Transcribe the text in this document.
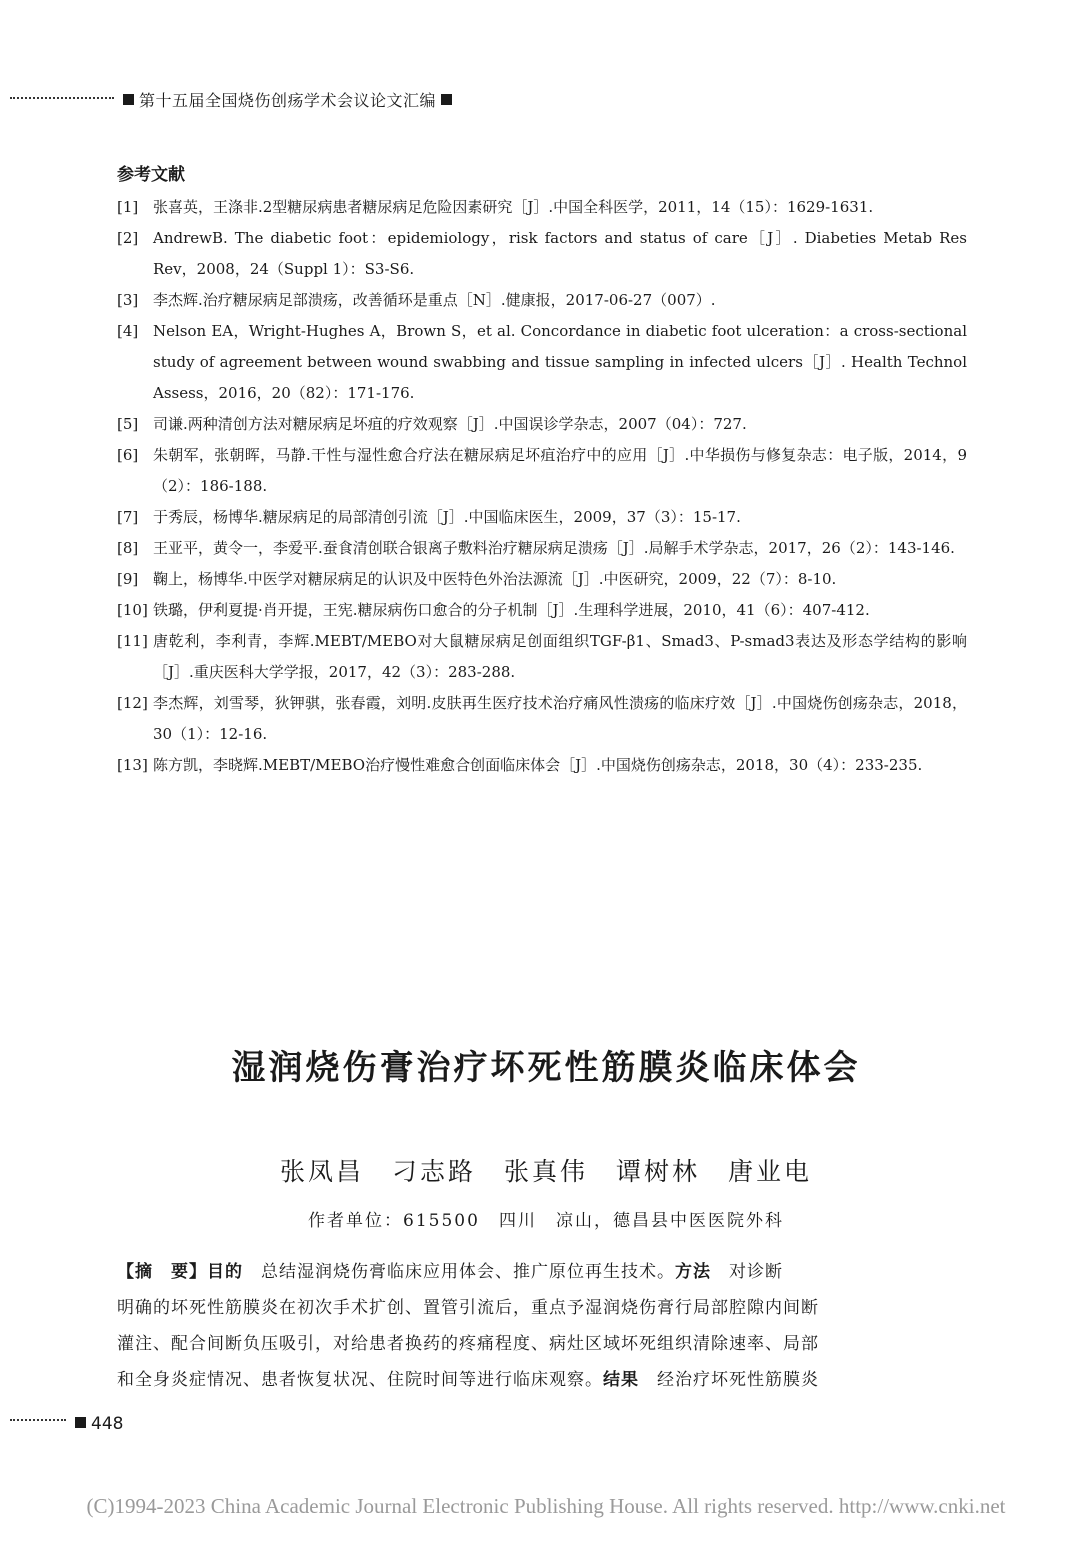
第十五届全国烧伤创疡学术会议论文汇编
参考文献
[1] 张喜英，王涤非.2型糖尿病患者糖尿病足危险因素研究［J］.中国全科医学，2011，14（15）：1629-1631.
[2] AndrewB. The diabetic foot：epidemiology，risk factors and status of care［J］. Diabeties Metab Res Rev，2008，24（Suppl 1）：S3-S6.
[3] 李杰辉.治疗糖尿病足部溃疡，改善循环是重点［N］.健康报，2017-06-27（007）.
[4] Nelson EA，Wright-Hughes A，Brown S，et al. Concordance in diabetic foot ulceration：a cross-sectional study of agreement between wound swabbing and tissue sampling in infected ulcers［J］. Health Technol Assess，2016，20（82）：171-176.
[5] 司谦.两种清创方法对糖尿病足坏疽的疗效观察［J］.中国误诊学杂志，2007（04）：727.
[6] 朱朝军，张朝晖，马静.干性与湿性愈合疗法在糖尿病足坏疽治疗中的应用［J］.中华损伤与修复杂志：电子版，2014，9（2）：186-188.
[7] 于秀辰，杨博华.糖尿病足的局部清创引流［J］.中国临床医生，2009，37（3）：15-17.
[8] 王亚平，黄令一，李爱平.蚕食清创联合银离子敷料治疗糖尿病足溃疡［J］.局解手术学杂志，2017，26（2）：143-146.
[9] 鞠上，杨博华.中医学对糖尿病足的认识及中医特色外治法源流［J］.中医研究，2009，22（7）：8-10.
[10] 铁璐，伊利夏提·肖开提，王宪.糖尿病伤口愈合的分子机制［J］.生理科学进展，2010，41（6）：407-412.
[11] 唐乾利，李利青，李辉.MEBT/MEBO对大鼠糖尿病足创面组织TGF-β1、Smad3、P-smad3表达及形态学结构的影响［J］.重庆医科大学学报，2017，42（3）：283-288.
[12] 李杰辉，刘雪琴，狄钾骐，张春霞，刘明.皮肤再生医疗技术治疗痛风性溃疡的临床疗效［J］.中国烧伤创疡杂志，2018，30（1）：12-16.
[13] 陈方凯，李晓辉.MEBT/MEBO治疗慢性难愈合创面临床体会［J］.中国烧伤创疡杂志，2018，30（4）：233-235.
湿润烧伤膏治疗坏死性筋膜炎临床体会
张凤昌 刁志路 张真伟 谭树林 唐业电
作者单位：615500　四川　凉山，德昌县中医医院外科
【摘　要】目的　 总结湿润烧伤膏临床应用体会、推广原位再生技术。方法　 对诊断
明确的坏死性筋膜炎在初次手术扩创、置管引流后，重点予湿润烧伤膏行局部腔隙内间断
灌注、配合间断负压吸引，对给患者换药的疼痛程度、病灶区域坏死组织清除速率、局部
和全身炎症情况、患者恢复状况、住院时间等进行临床观察。结果　 经治疗坏死性筋膜炎
448
(C)1994-2023 China Academic Journal Electronic Publishing House. All rights reserved. http://www.cnki.net
